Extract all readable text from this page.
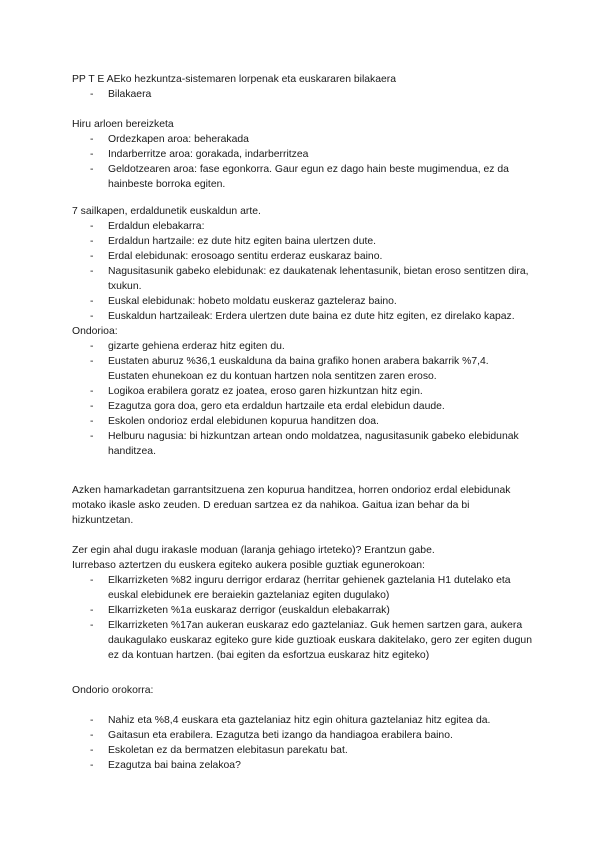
PP T E AEko hezkuntza-sistemaren lorpenak eta euskararen bilakaera

- Bilakaera

Hiru arloen bereizketa

- Ordezkapen aroa: beherakada
- Indarberritze aroa: gorakada, indarberritzea
- Geldotzearen aroa: fase egonkorra. Gaur egun ez dago hain beste mugimendua, ez da hainbeste borroka egiten.

7 sailkapen, erdaldunetik euskaldun arte.

- Erdaldun elebakarra:
- Erdaldun hartzaile: ez dute hitz egiten baina ulertzen dute.
- Erdal elebidunak: erosoago sentitu erderaz euskaraz baino.
- Nagusitasunik gabeko elebidunak: ez daukatenak lehentasunik, bietan eroso sentitzen dira, txukun.
- Euskal elebidunak: hobeto moldatu euskeraz gazteleraz baino.
- Euskaldun hartzaileak: Erdera ulertzen dute baina ez dute hitz egiten, ez direlako kapaz.

Ondorioa:

- gizarte gehiena erderaz hitz egiten du.
- Eustaten aburuz %36,1 euskalduna da baina grafiko honen arabera bakarrik %7,4. Eustaten ehunekoan ez du kontuan hartzen nola sentitzen zaren eroso.
- Logikoa erabilera goratz ez joatea, eroso garen hizkuntzan hitz egin.
- Ezagutza gora doa, gero eta erdaldun hartzaile eta erdal elebidun daude.
- Eskolen ondorioz erdal elebidunen kopurua handitzen doa.
- Helburu nagusia: bi hizkuntzan artean ondo moldatzea, nagusitasunik gabeko elebidunak handitzea.

Azken hamarkadetan garrantsitzuena zen kopurua handitzea, horren ondorioz erdal elebidunak motako ikasle asko zeuden. D ereduan sartzea ez da nahikoa. Gaitua izan behar da bi hizkuntzetan.

Zer egin ahal dugu irakasle moduan (laranja gehiago irteteko)? Erantzun gabe.

Iurrebaso aztertzen du euskera egiteko aukera posible guztiak egunerokoan:

- Elkarrizketen %82 inguru derrigor erdaraz (herritar gehienek gaztelania H1 dutelako eta euskal elebidunek ere beraiekin gaztelaniaz egiten dugulako)
- Elkarrizketen %1a euskaraz derrigor (euskaldun elebakarrak)
- Elkarrizketen %17an aukeran euskaraz edo gaztelaniaz. Guk hemen sartzen gara, aukera daukagulako euskaraz egiteko gure kide guztioak euskara dakitelako, gero zer egiten dugun ez da kontuan hartzen. (bai egiten da esfortzua euskaraz hitz egiteko)

Ondorio orokorra:

- Nahiz eta %8,4 euskara eta gaztelaniaz hitz egin ohitura gaztelaniaz hitz egitea da.
- Gaitasun eta erabilera. Ezagutza beti izango da handiagoa erabilera baino.
- Eskoletan ez da bermatzen elebitasun parekatu bat.
- Ezagutza bai baina zelakoa?
